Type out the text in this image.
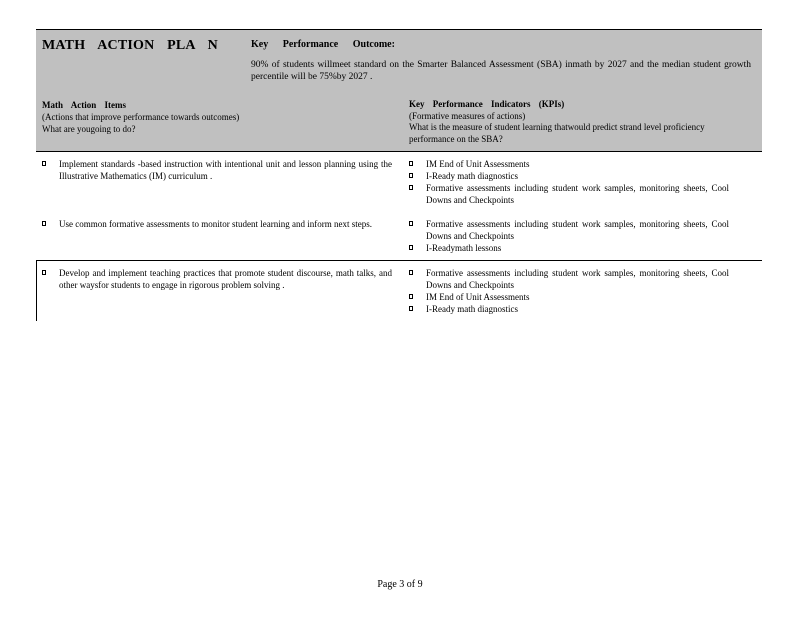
MATH ACTION PLA N	Key Performance Outcome:
90% of students willmeet standard on the Smarter Balanced Assessment (SBA) inmath by 2027 and the median student growth percentile will be 75%by 2027 .
Math Action Items
(Actions that improve performance towards outcomes)
What are yougoing to do?
Key Performance Indicators (KPIs)
(Formative measures of actions)
What is the measure of student learning thatwould predict strand level proficiency performance on the SBA?
Implement standards -based instruction with intentional unit and lesson planning using the Illustrative Mathematics (IM) curriculum .
IM End of Unit Assessments
I-Ready math diagnostics
Formative assessments including student work samples, monitoring sheets, Cool Downs and Checkpoints
Use common formative assessments to monitor student learning and inform next steps.	Formative assessments including student work samples, monitoring sheets, Cool Downs and Checkpoints
I-Readymath lessons
Develop and implement teaching practices that promote student discourse, math talks, and other waysfor students to engage in rigorous problem solving .
Formative assessments including student work samples, monitoring sheets, Cool Downs and Checkpoints
IM End of Unit Assessments
I-Ready math diagnostics
Page 3 of 9
